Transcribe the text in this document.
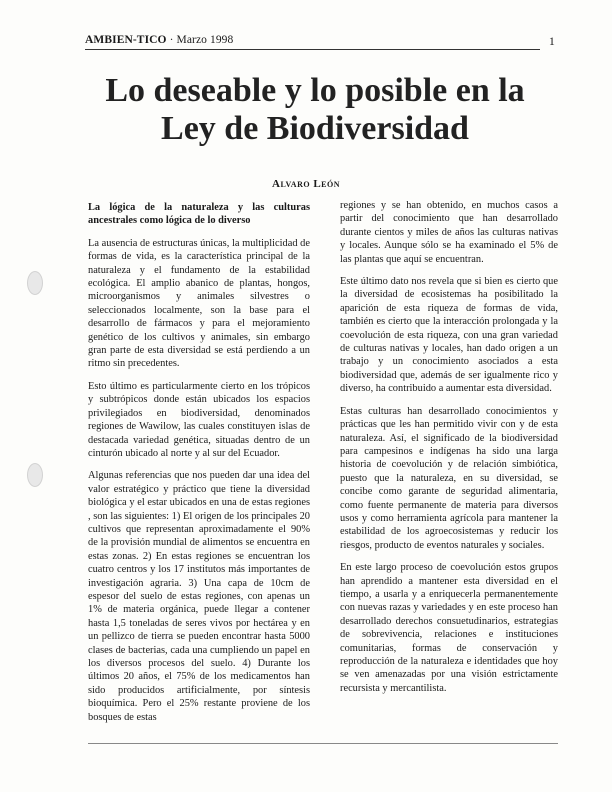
AMBIEN-TICO · Marzo 1998	1
Lo deseable y lo posible en la
Ley de Biodiversidad
Alvaro León

La lógica de la naturaleza y las culturas ancestrales como lógica de lo diverso

La ausencia de estructuras únicas, la multiplicidad de formas de vida, es la característica principal de la naturaleza y el fundamento de la estabilidad ecológica. El amplio abanico de plantas, hongos, microorganismos y animales silvestres o seleccionados localmente, son la base para el desarrollo de fármacos y para el mejoramiento genético de los cultivos y animales, sin embargo gran parte de esta diversidad se está perdiendo a un ritmo sin precedentes.

Esto último es particularmente cierto en los trópicos y subtrópicos donde están ubicados los espacios privilegiados en biodiversidad, denominados regiones de Wawilow, las cuales constituyen islas de destacada variedad genética, situadas dentro de un cinturón ubicado al norte y al sur del Ecuador.

Algunas referencias que nos pueden dar una idea del valor estratégico y práctico que tiene la diversidad biológica y el estar ubicados en una de estas regiones , son las siguientes: 1) El origen de los principales 20 cultivos que representan aproximadamente el 90% de la provisión mundial de alimentos se encuentra en estas zonas. 2) En estas regiones se encuentran los cuatro centros y los 17 institutos más importantes de investigación agraria. 3) Una capa de 10cm de espesor del suelo de estas regiones, con apenas un 1% de materia orgánica, puede llegar a contener hasta 1,5 toneladas de seres vivos por hectárea y en un pellizco de tierra se pueden encontrar hasta 5000 clases de bacterias, cada una cumpliendo un papel en los diversos procesos del suelo. 4) Durante los últimos 20 años, el 75% de los medicamentos han sido producidos artificialmente, por síntesis bioquímica. Pero el 25% restante proviene de los bosques de estas

regiones y se han obtenido, en muchos casos a partir del conocimiento que han desarrollado durante cientos y miles de años las culturas nativas y locales. Aunque sólo se ha examinado el 5% de las plantas que aquí se encuentran.

Este último dato nos revela que si bien es cierto que la diversidad de ecosistemas ha posibilitado la aparición de esta riqueza de formas de vida, también es cierto que la interacción prolongada y la coevolución de esta riqueza, con una gran variedad de culturas nativas y locales, han dado origen a un trabajo y un conocimiento asociados a esta biodiversidad que, además de ser igualmente rico y diverso, ha contribuido a aumentar esta diversidad.

Estas culturas han desarrollado conocimientos y prácticas que les han permitido vivir con y de esta naturaleza. Así, el significado de la biodiversidad para campesinos e indígenas ha sido una larga historia de coevolución y de relación simbiótica, puesto que la naturaleza, en su diversidad, se concibe como garante de seguridad alimentaria, como fuente permanente de materia para diversos usos y como herramienta agrícola para mantener la estabilidad de los agroecosistemas y reducir los riesgos, producto de eventos naturales y sociales.

En este largo proceso de coevolución estos grupos han aprendido a mantener esta diversidad en el tiempo, a usarla y a enriquecerla permanentemente con nuevas razas y variedades y en este proceso han desarrollado derechos consuetudinarios, estrategias de sobrevivencia, relaciones e instituciones comunitarias, formas de conservación y reproducción de la naturaleza e identidades que hoy se ven amenazadas por una visión estrictamente recursista y mercantilista.
